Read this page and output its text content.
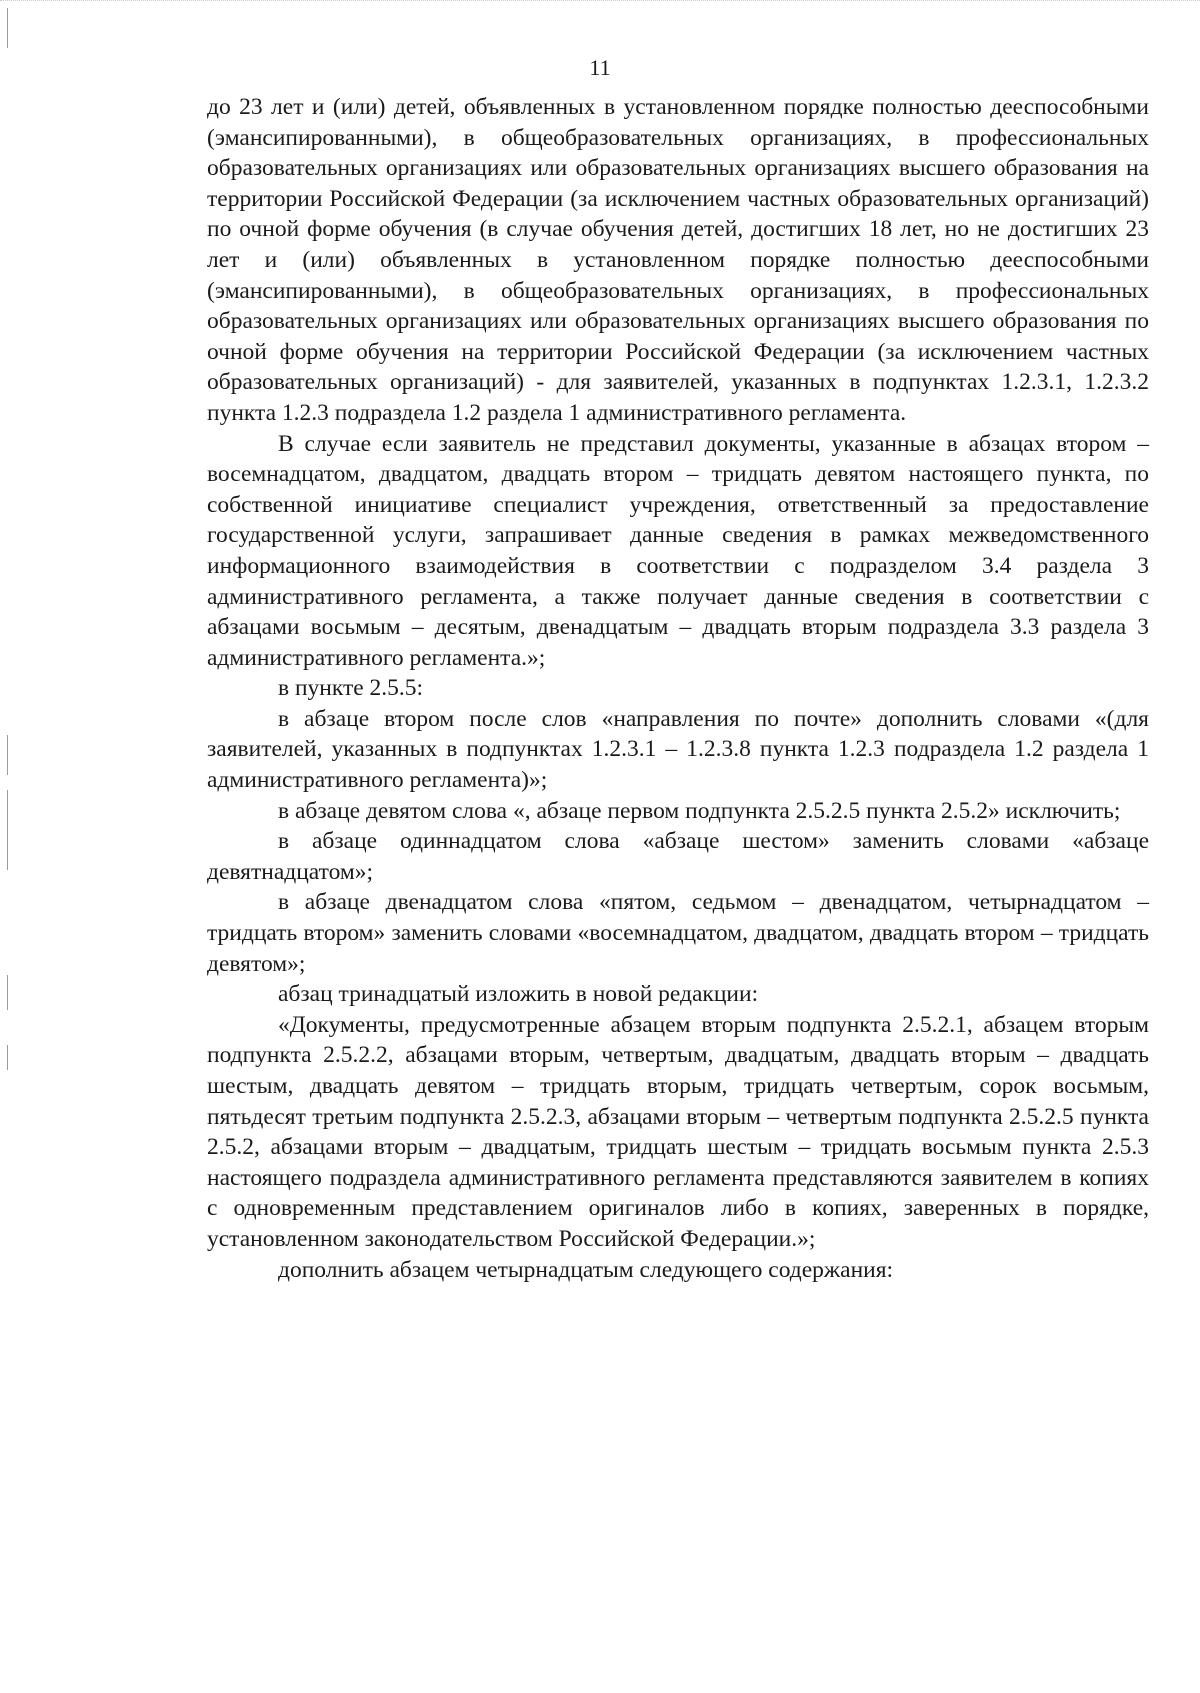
11

до 23 лет и (или) детей, объявленных в установленном порядке полностью дееспособными (эмансипированными), в общеобразовательных организациях, в профессиональных образовательных организациях или образовательных организациях высшего образования на территории Российской Федерации (за исключением частных образовательных организаций) по очной форме обучения (в случае обучения детей, достигших 18 лет, но не достигших 23 лет и (или) объявленных в установленном порядке полностью дееспособными (эмансипированными), в общеобразовательных организациях, в профессиональных образовательных организациях или образовательных организациях высшего образования по очной форме обучения на территории Российской Федерации (за исключением частных образовательных организаций) - для заявителей, указанных в подпунктах 1.2.3.1, 1.2.3.2 пункта 1.2.3 подраздела 1.2 раздела 1 административного регламента.

В случае если заявитель не представил документы, указанные в абзацах втором – восемнадцатом, двадцатом, двадцать втором – тридцать девятом настоящего пункта, по собственной инициативе специалист учреждения, ответственный за предоставление государственной услуги, запрашивает данные сведения в рамках межведомственного информационного взаимодействия в соответствии с подразделом 3.4 раздела 3 административного регламента, а также получает данные сведения в соответствии с абзацами восьмым – десятым, двенадцатым – двадцать вторым подраздела 3.3 раздела 3 административного регламента.»;

в пункте 2.5.5:

в абзаце втором после слов «направления по почте» дополнить словами «(для заявителей, указанных в подпунктах 1.2.3.1 – 1.2.3.8 пункта 1.2.3 подраздела 1.2 раздела 1 административного регламента)»;

в абзаце девятом слова «, абзаце первом подпункта 2.5.2.5 пункта 2.5.2» исключить;

в абзаце одиннадцатом слова «абзаце шестом» заменить словами «абзаце девятнадцатом»;

в абзаце двенадцатом слова «пятом, седьмом – двенадцатом, четырнадцатом – тридцать втором» заменить словами «восемнадцатом, двадцатом, двадцать втором – тридцать девятом»;

абзац тринадцатый изложить в новой редакции:

«Документы, предусмотренные абзацем вторым подпункта 2.5.2.1, абзацем вторым подпункта 2.5.2.2, абзацами вторым, четвертым, двадцатым, двадцать вторым – двадцать шестым, двадцать девятом – тридцать вторым, тридцать четвертым, сорок восьмым, пятьдесят третьим подпункта 2.5.2.3, абзацами вторым – четвертым подпункта 2.5.2.5 пункта 2.5.2, абзацами вторым – двадцатым, тридцать шестым – тридцать восьмым пункта 2.5.3 настоящего подраздела административного регламента представляются заявителем в копиях с одновременным представлением оригиналов либо в копиях, заверенных в порядке, установленном законодательством Российской Федерации.»;

дополнить абзацем четырнадцатым следующего содержания:
